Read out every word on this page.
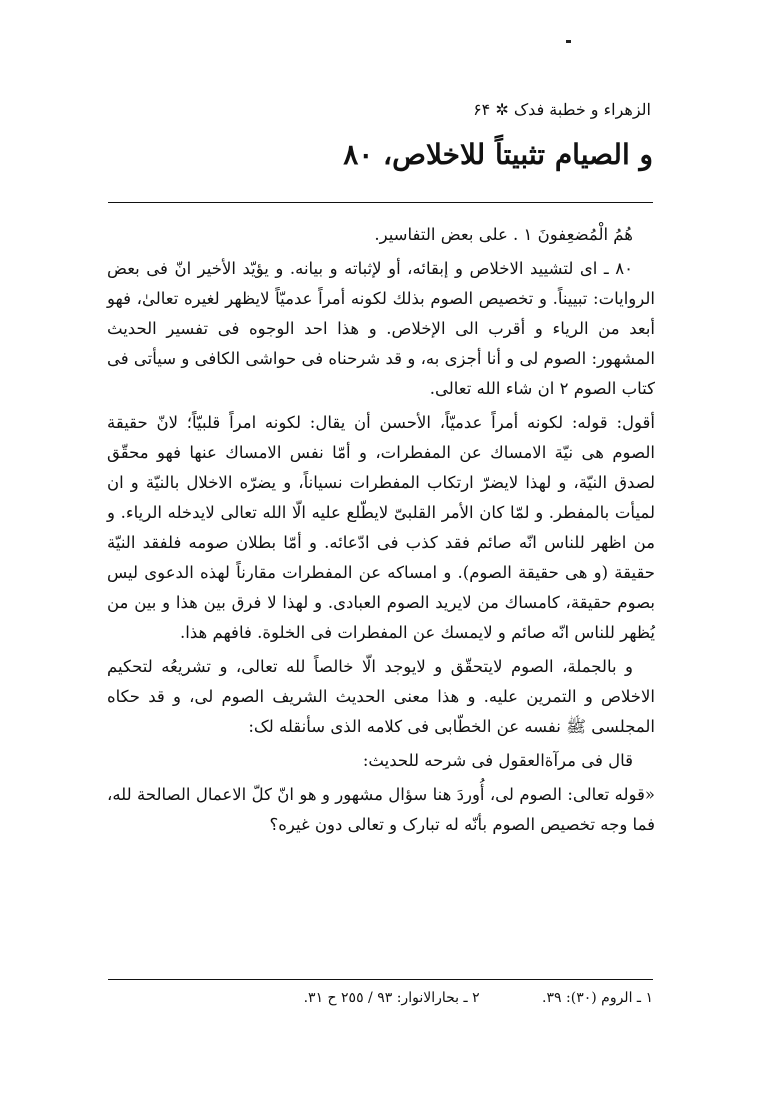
الزهراء و خطبة فدک ✲ ۶۴
و الصيام تثبيتاً للاخلاص، ۸۰

هُمُ الْمُضعِفونَ ١ . على بعض التفاسير.

۸۰ ـ اى لتشييد الاخلاص و إبقائه، أو لإثباته و بيانه. و يؤيّد الأخير انّ فى بعض الروايات: تبييناً. و تخصيص الصوم بذلك لكونه أمراً عدميّاً لايظهر لغيره تعالىٰ، فهو أبعد من الرياء و أقرب الى الإخلاص. و هذا احد الوجوه فى تفسير الحديث المشهور: الصوم لى و أنا أجزى به، و قد شرحناه فى حواشى الكافى و سيأتى فى كتاب الصوم ٢ ان شاء الله تعالى.

أقول: قوله: لكونه أمراً عدميّاً، الأحسن أن يقال: لكونه امراً قلبيّاً؛ لانّ حقيقة الصوم هى نيّة الامساك عن المفطرات، و أمّا نفس الامساك عنها فهو محقّق لصدق النيّة، و لهذا لايضرّ ارتكاب المفطرات نسياناً، و يضرّه الاخلال بالنيّة و ان لميأت بالمفطر. و لمّا كان الأمر القلبىّ لايطّلع عليه الّا الله تعالى لايدخله الرياء. و من اظهر للناس انّه صائم فقد كذب فى ادّعائه. و أمّا بطلان صومه فلفقد النيّة حقيقة (و هى حقيقة الصوم). و امساكه عن المفطرات مقارناً لهذه الدعوى ليس بصوم حقيقة، كامساك من لايريد الصوم العبادى. و لهذا لا فرق بين هذا و بين من يُظهر للناس انّه صائم و لايمسك عن المفطرات فى الخلوة. فافهم هذا.

و بالجملة، الصوم لايتحقّق و لايوجد الّا خالصاً لله تعالى، و تشريعُه لتحكيم الاخلاص و التمرين عليه. و هذا معنى الحديث الشريف الصوم لى، و قد حكاه المجلسى ﷺ نفسه عن الخطّابى فى كلامه الذى سأنقله لک:

قال فى مرآةالعقول فى شرحه للحديث:

«قوله تعالى: الصوم لى، أُوردَ هنا سؤال مشهور و هو انّ كلّ الاعمال الصالحة لله، فما وجه تخصيص الصوم بأنّه له تبارک و تعالى دون غيره؟

١ ـ الروم (٣٠): ٣٩. ٢ ـ بحارالانوار: ٩٣ / ٢٥٥ ح ٣١.
